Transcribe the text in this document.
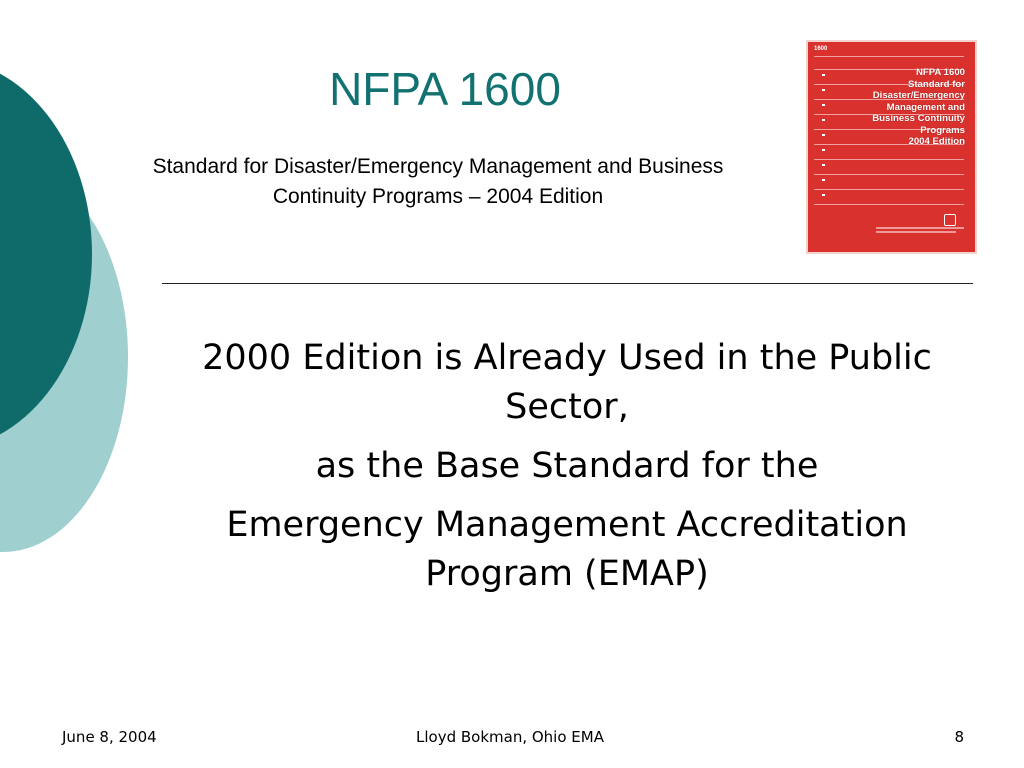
NFPA 1600
Standard for Disaster/Emergency Management and Business
Continuity Programs – 2004 Edition
1600
NFPA 1600
Standard for
Disaster/Emergency
Management and
Business Continuity
Programs
2004 Edition

2000 Edition is Already Used in the Public Sector,

as the Base Standard for the

Emergency Management Accreditation Program (EMAP)

June 8, 2004	Lloyd Bokman, Ohio EMA	8
